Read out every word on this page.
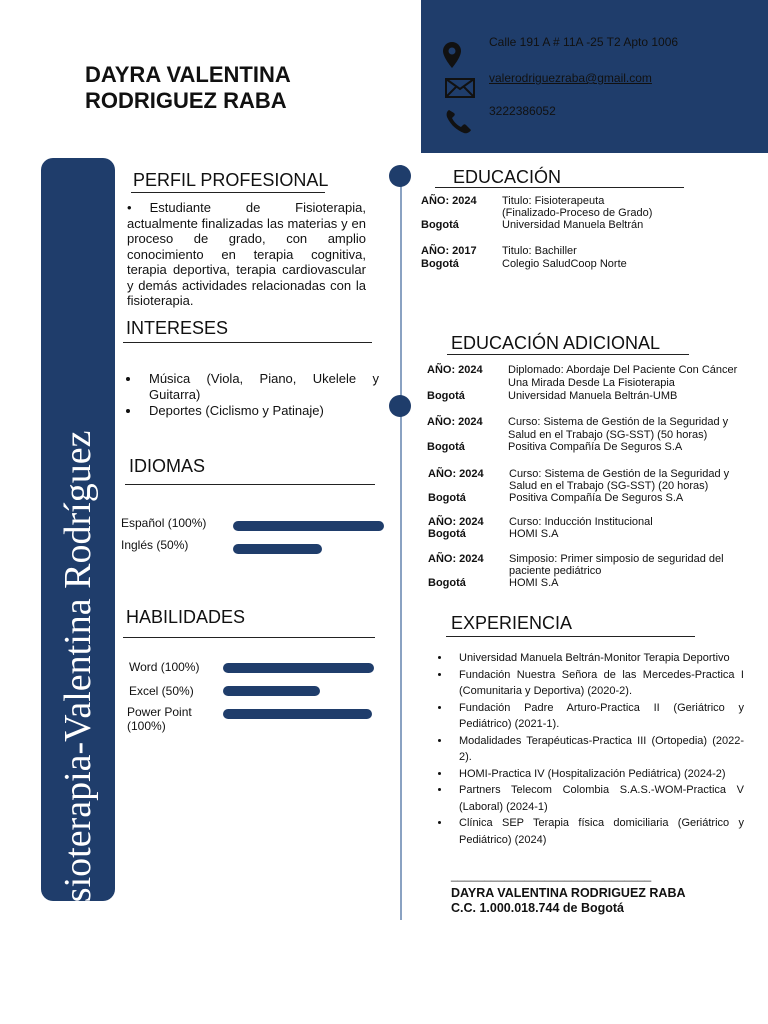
Calle 191 A # 11A -25 T2 Apto 1006
valerodriguezraba@gmail.com
3222386052
DAYRA VALENTINA
RODRIGUEZ RABA
Est. Fisioterapia-Valentina Rodríguez
PERFIL PROFESIONAL
• Estudiante de Fisioterapia, actualmente finalizadas las materias y en proceso de grado, con amplio conocimiento en terapia cognitiva, terapia deportiva, terapia cardiovascular y demás actividades relacionadas con la fisioterapia.
INTERESES
• Música (Viola, Piano, Ukelele y Guitarra)
• Deportes (Ciclismo y Patinaje)
IDIOMAS
Español (100%)
Inglés (50%)
HABILIDADES
Word (100%)
Excel (50%)
Power Point (100%)
EDUCACIÓN
AÑO: 2024 Titulo: Fisioterapeuta
(Finalizado-Proceso de Grado)
Bogotá	Universidad Manuela Beltrán
AÑO: 2017 Titulo: Bachiller
Bogotá	Colegio SaludCoop Norte
EDUCACIÓN ADICIONAL
AÑO: 2024 Diplomado: Abordaje Del Paciente Con Cáncer
Una Mirada Desde La Fisioterapia
Bogotá	Universidad Manuela Beltrán-UMB
AÑO: 2024 Curso: Sistema de Gestión de la Seguridad y
Salud en el Trabajo (SG-SST) (50 horas)
Bogotá	Positiva Compañía De Seguros S.A
AÑO: 2024 Curso: Sistema de Gestión de la Seguridad y
Salud en el Trabajo (SG-SST) (20 horas)
Bogotá	Positiva Compañía De Seguros S.A
AÑO: 2024 Curso: Inducción Institucional
Bogotá	HOMI S.A
AÑO: 2024 Simposio: Primer simposio de seguridad del
paciente pediátrico
Bogotá	HOMI S.A
EXPERIENCIA
• Universidad Manuela Beltrán-Monitor Terapia Deportivo
• Fundación Nuestra Señora de las Mercedes-Practica I (Comunitaria y Deportiva) (2020-2).
• Fundación Padre Arturo-Practica II (Geriátrico y Pediátrico) (2021-1).
• Modalidades Terapéuticas-Practica III (Ortopedia) (2022-2).
• HOMI-Practica IV (Hospitalización Pediátrica) (2024-2)
• Partners Telecom Colombia S.A.S.-WOM-Practica V (Laboral) (2024-1)
• Clínica SEP Terapia física domiciliaria (Geriátrico y Pediátrico) (2024)
______________________________
DAYRA VALENTINA RODRIGUEZ RABA
C.C. 1.000.018.744 de Bogotá
